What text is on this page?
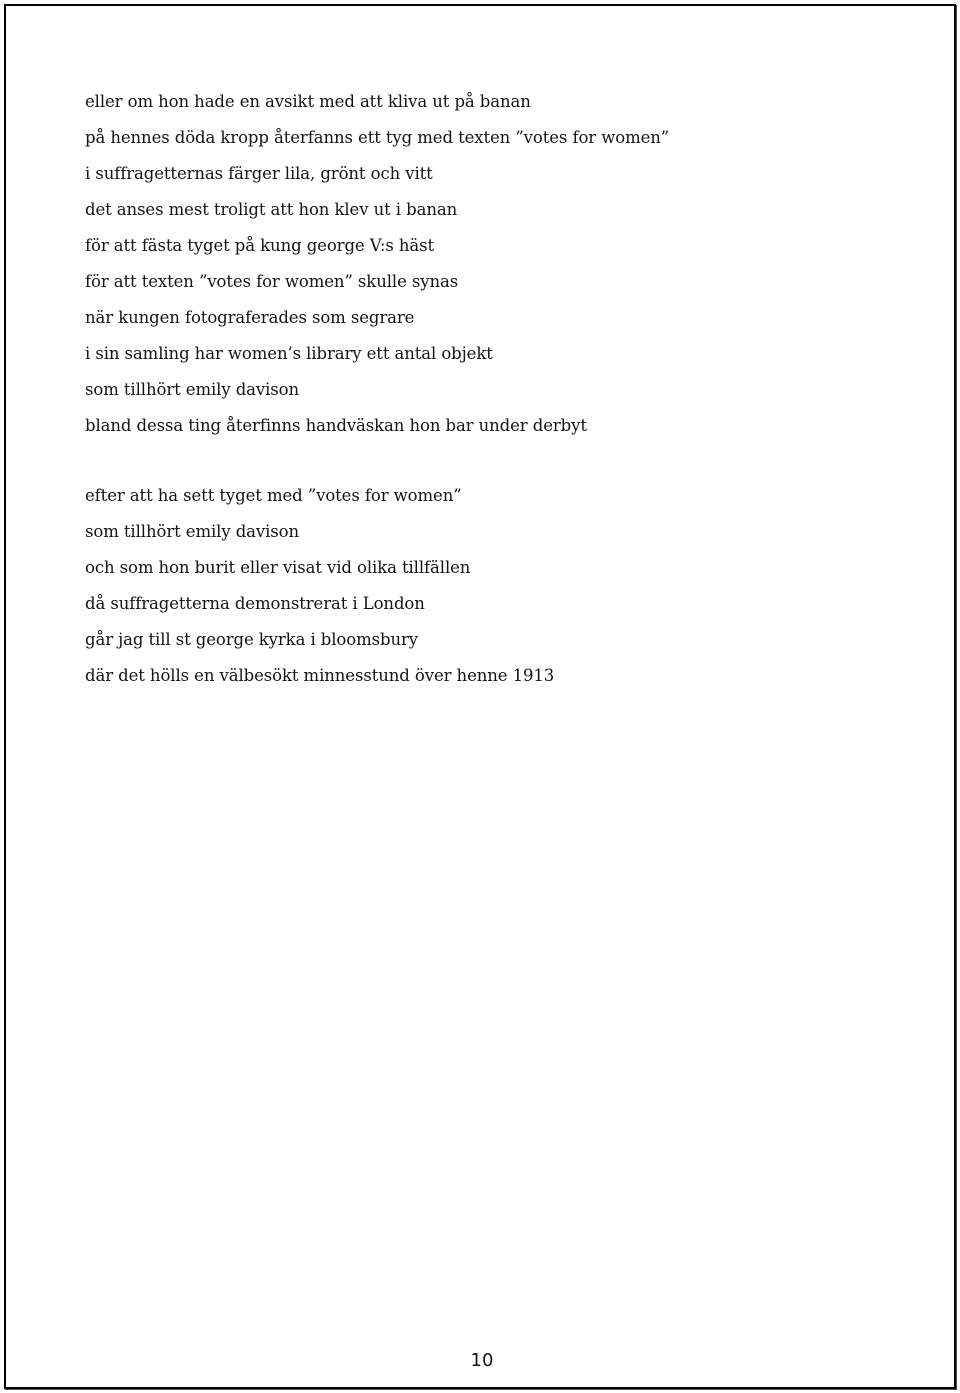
eller om hon hade en avsikt med att kliva ut på banan
på hennes döda kropp återfanns ett tyg med texten ”votes for women”
i suffragetternas färger lila, grönt och vitt
det anses mest troligt att hon klev ut i banan
för att fästa tyget på kung george V:s häst
för att texten ”votes for women” skulle synas
när kungen fotograferades som segrare
i sin samling har women’s library ett antal objekt
som tillhört emily davison
bland dessa ting återfinns handväskan hon bar under derbyt
efter att ha sett tyget med ”votes for women”
som tillhört emily davison
och som hon burit eller visat vid olika tillfällen
då suffragetterna demonstrerat i London
går jag till st george kyrka i bloomsbury
där det hölls en välbesökt minnesstund över henne 1913
10
